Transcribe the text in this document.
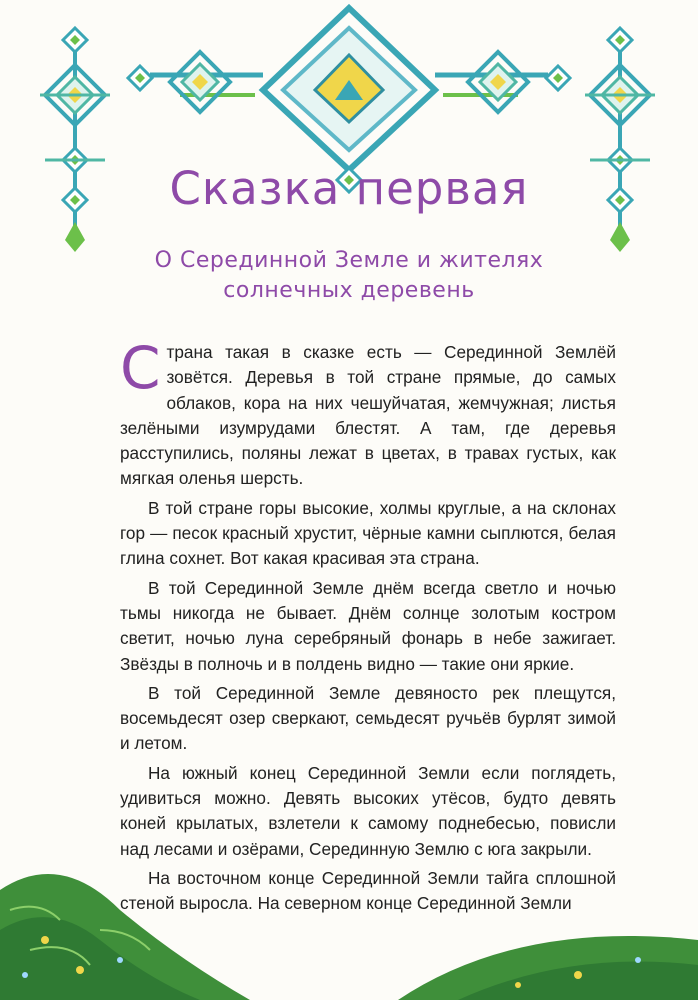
Сказка первая
О Серединной Земле и жителях
солнечных деревень

Страна такая в сказке есть — Серединной Землёй зовётся. Деревья в той стране прямые, до самых облаков, кора на них чешуйчатая, жемчужная; листья зелёными изумрудами блестят. А там, где деревья расступились, поляны лежат в цветах, в травах густых, как мягкая оленья шерсть.

В той стране горы высокие, холмы круглые, а на склонах гор — песок красный хрустит, чёрные камни сыплются, белая глина сохнет. Вот какая красивая эта страна.

В той Серединной Земле днём всегда светло и ночью тьмы никогда не бывает. Днём солнце золотым костром светит, ночью луна серебряный фонарь в небе зажигает. Звёзды в полночь и в полдень видно — такие они яркие.

В той Серединной Земле девяносто рек плещутся, восемьдесят озер сверкают, семьдесят ручьёв бурлят зимой и летом.

На южный конец Серединной Земли если поглядеть, удивиться можно. Девять высоких утёсов, будто девять коней крылатых, взлетели к самому поднебесью, повисли над лесами и озёрами, Серединную Землю с юга закрыли.

На восточном конце Серединной Земли тайга сплошной стеной выросла. На северном конце Серединной Земли
